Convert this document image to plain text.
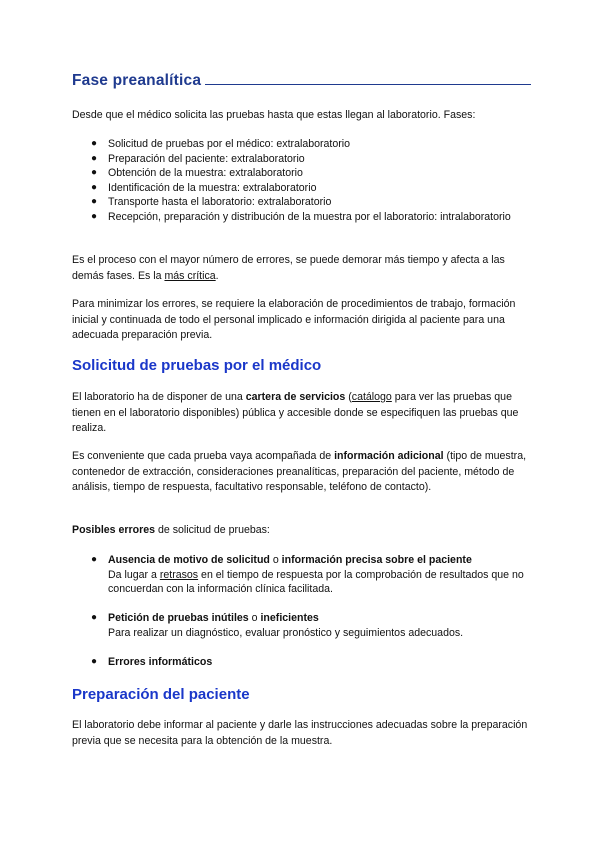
Fase preanalítica

Desde que el médico solicita las pruebas hasta que estas llegan al laboratorio. Fases:

● Solicitud de pruebas por el médico: extralaboratorio
● Preparación del paciente: extralaboratorio
● Obtención de la muestra: extralaboratorio
● Identificación de la muestra: extralaboratorio
● Transporte hasta el laboratorio: extralaboratorio
● Recepción, preparación y distribución de la muestra por el laboratorio: intralaboratorio

Es el proceso con el mayor número de errores, se puede demorar más tiempo y afecta a las demás fases. Es la más crítica.

Para minimizar los errores, se requiere la elaboración de procedimientos de trabajo, formación inicial y continuada de todo el personal implicado e información dirigida al paciente para una adecuada preparación previa.

Solicitud de pruebas por el médico

El laboratorio ha de disponer de una cartera de servicios (catálogo para ver las pruebas que tienen en el laboratorio disponibles) pública y accesible donde se especifiquen las pruebas que realiza.

Es conveniente que cada prueba vaya acompañada de información adicional (tipo de muestra, contenedor de extracción, consideraciones preanalíticas, preparación del paciente, método de análisis, tiempo de respuesta, facultativo responsable, teléfono de contacto).

Posibles errores de solicitud de pruebas:

● Ausencia de motivo de solicitud o información precisa sobre el paciente
Da lugar a retrasos en el tiempo de respuesta por la comprobación de resultados que no concuerdan con la información clínica facilitada.
● Petición de pruebas inútiles o ineficientes
Para realizar un diagnóstico, evaluar pronóstico y seguimientos adecuados.
● Errores informáticos
Preparación del paciente

El laboratorio debe informar al paciente y darle las instrucciones adecuadas sobre la preparación previa que se necesita para la obtención de la muestra.
